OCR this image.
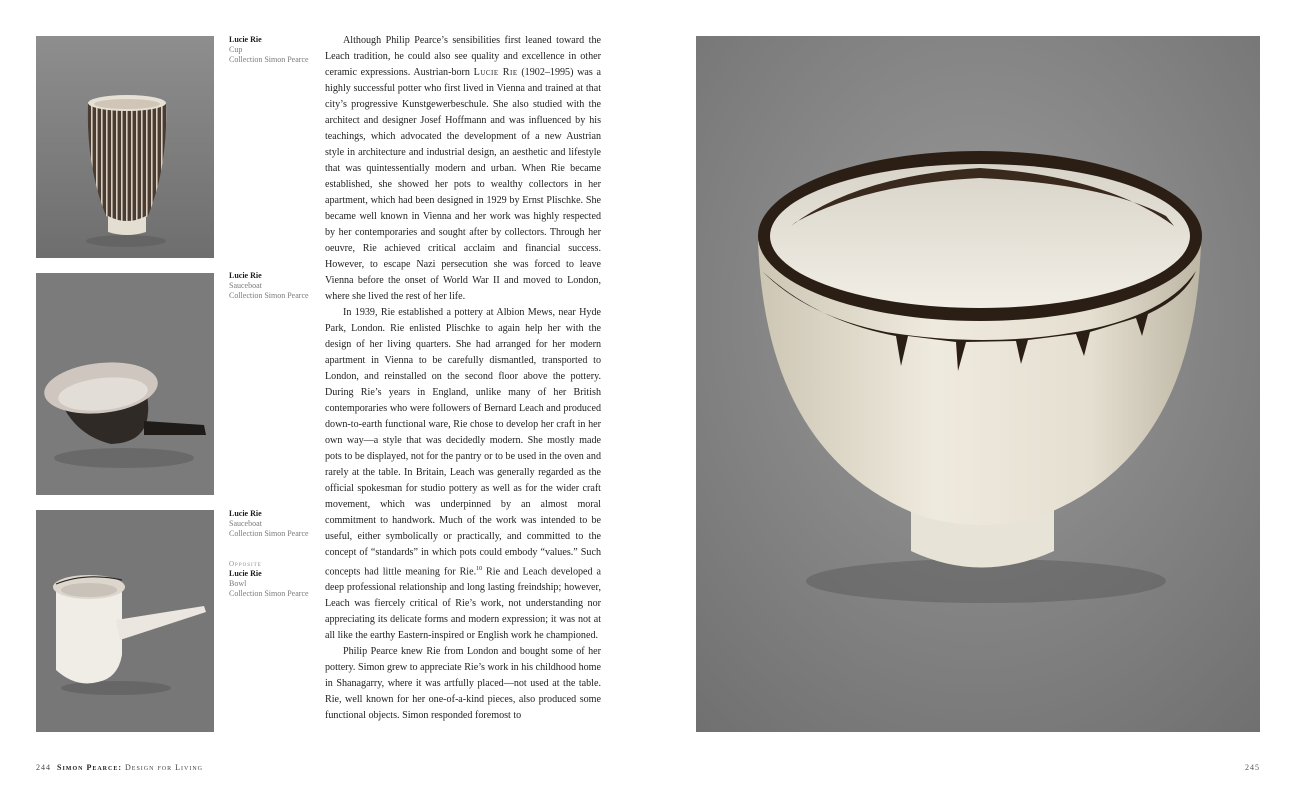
Lucie Rie
Cup
Collection Simon Pearce
Lucie Rie
Sauceboat
Collection Simon Pearce
Lucie Rie
Sauceboat
Collection Simon Pearce
Opposite
Lucie Rie
Bowl
Collection Simon Pearce

Although Philip Pearce’s sensibilities first leaned toward the Leach tradition, he could also see quality and excellence in other ceramic expressions. Austrian-born Lucie Rie (1902–1995) was a highly successful potter who first lived in Vienna and trained at that city’s progressive Kunstgewerbeschule. She also studied with the architect and designer Josef Hoffmann and was influenced by his teachings, which advocated the development of a new Austrian style in architecture and industrial design, an aesthetic and lifestyle that was quintessentially modern and urban. When Rie became established, she showed her pots to wealthy collectors in her apartment, which had been designed in 1929 by Ernst Plischke. She became well known in Vienna and her work was highly respected by her contemporaries and sought after by collectors. Through her oeuvre, Rie achieved critical acclaim and financial success. However, to escape Nazi persecution she was forced to leave Vienna before the onset of World War II and moved to London, where she lived the rest of her life.

In 1939, Rie established a pottery at Albion Mews, near Hyde Park, London. Rie enlisted Plischke to again help her with the design of her living quarters. She had arranged for her modern apartment in Vienna to be carefully dismantled, transported to London, and reinstalled on the second floor above the pottery. During Rie’s years in England, unlike many of her British contemporaries who were followers of Bernard Leach and produced down-to-earth functional ware, Rie chose to develop her craft in her own way—a style that was decidedly modern. She mostly made pots to be displayed, not for the pantry or to be used in the oven and rarely at the table. In Britain, Leach was generally regarded as the official spokesman for studio pottery as well as for the wider craft movement, which was underpinned by an almost moral commitment to handwork. Much of the work was intended to be useful, either symbolically or practically, and committed to the concept of “standards” in which pots could embody “values.” Such concepts had little meaning for Rie.$^{10}$ Rie and Leach developed a deep professional relationship and long lasting freindship; however, Leach was fiercely critical of Rie’s work, not understanding nor appreciating its delicate forms and modern expression; it was not at all like the earthy Eastern-inspired or English work he championed.

Philip Pearce knew Rie from London and bought some of her pottery. Simon grew to appreciate Rie’s work in his childhood home in Shanagarry, where it was artfully placed—not used at the table. Rie, well known for her one-of-a-kind pieces, also produced some functional objects. Simon responded foremost to

244 Simon Pearce: Design for Living	245
